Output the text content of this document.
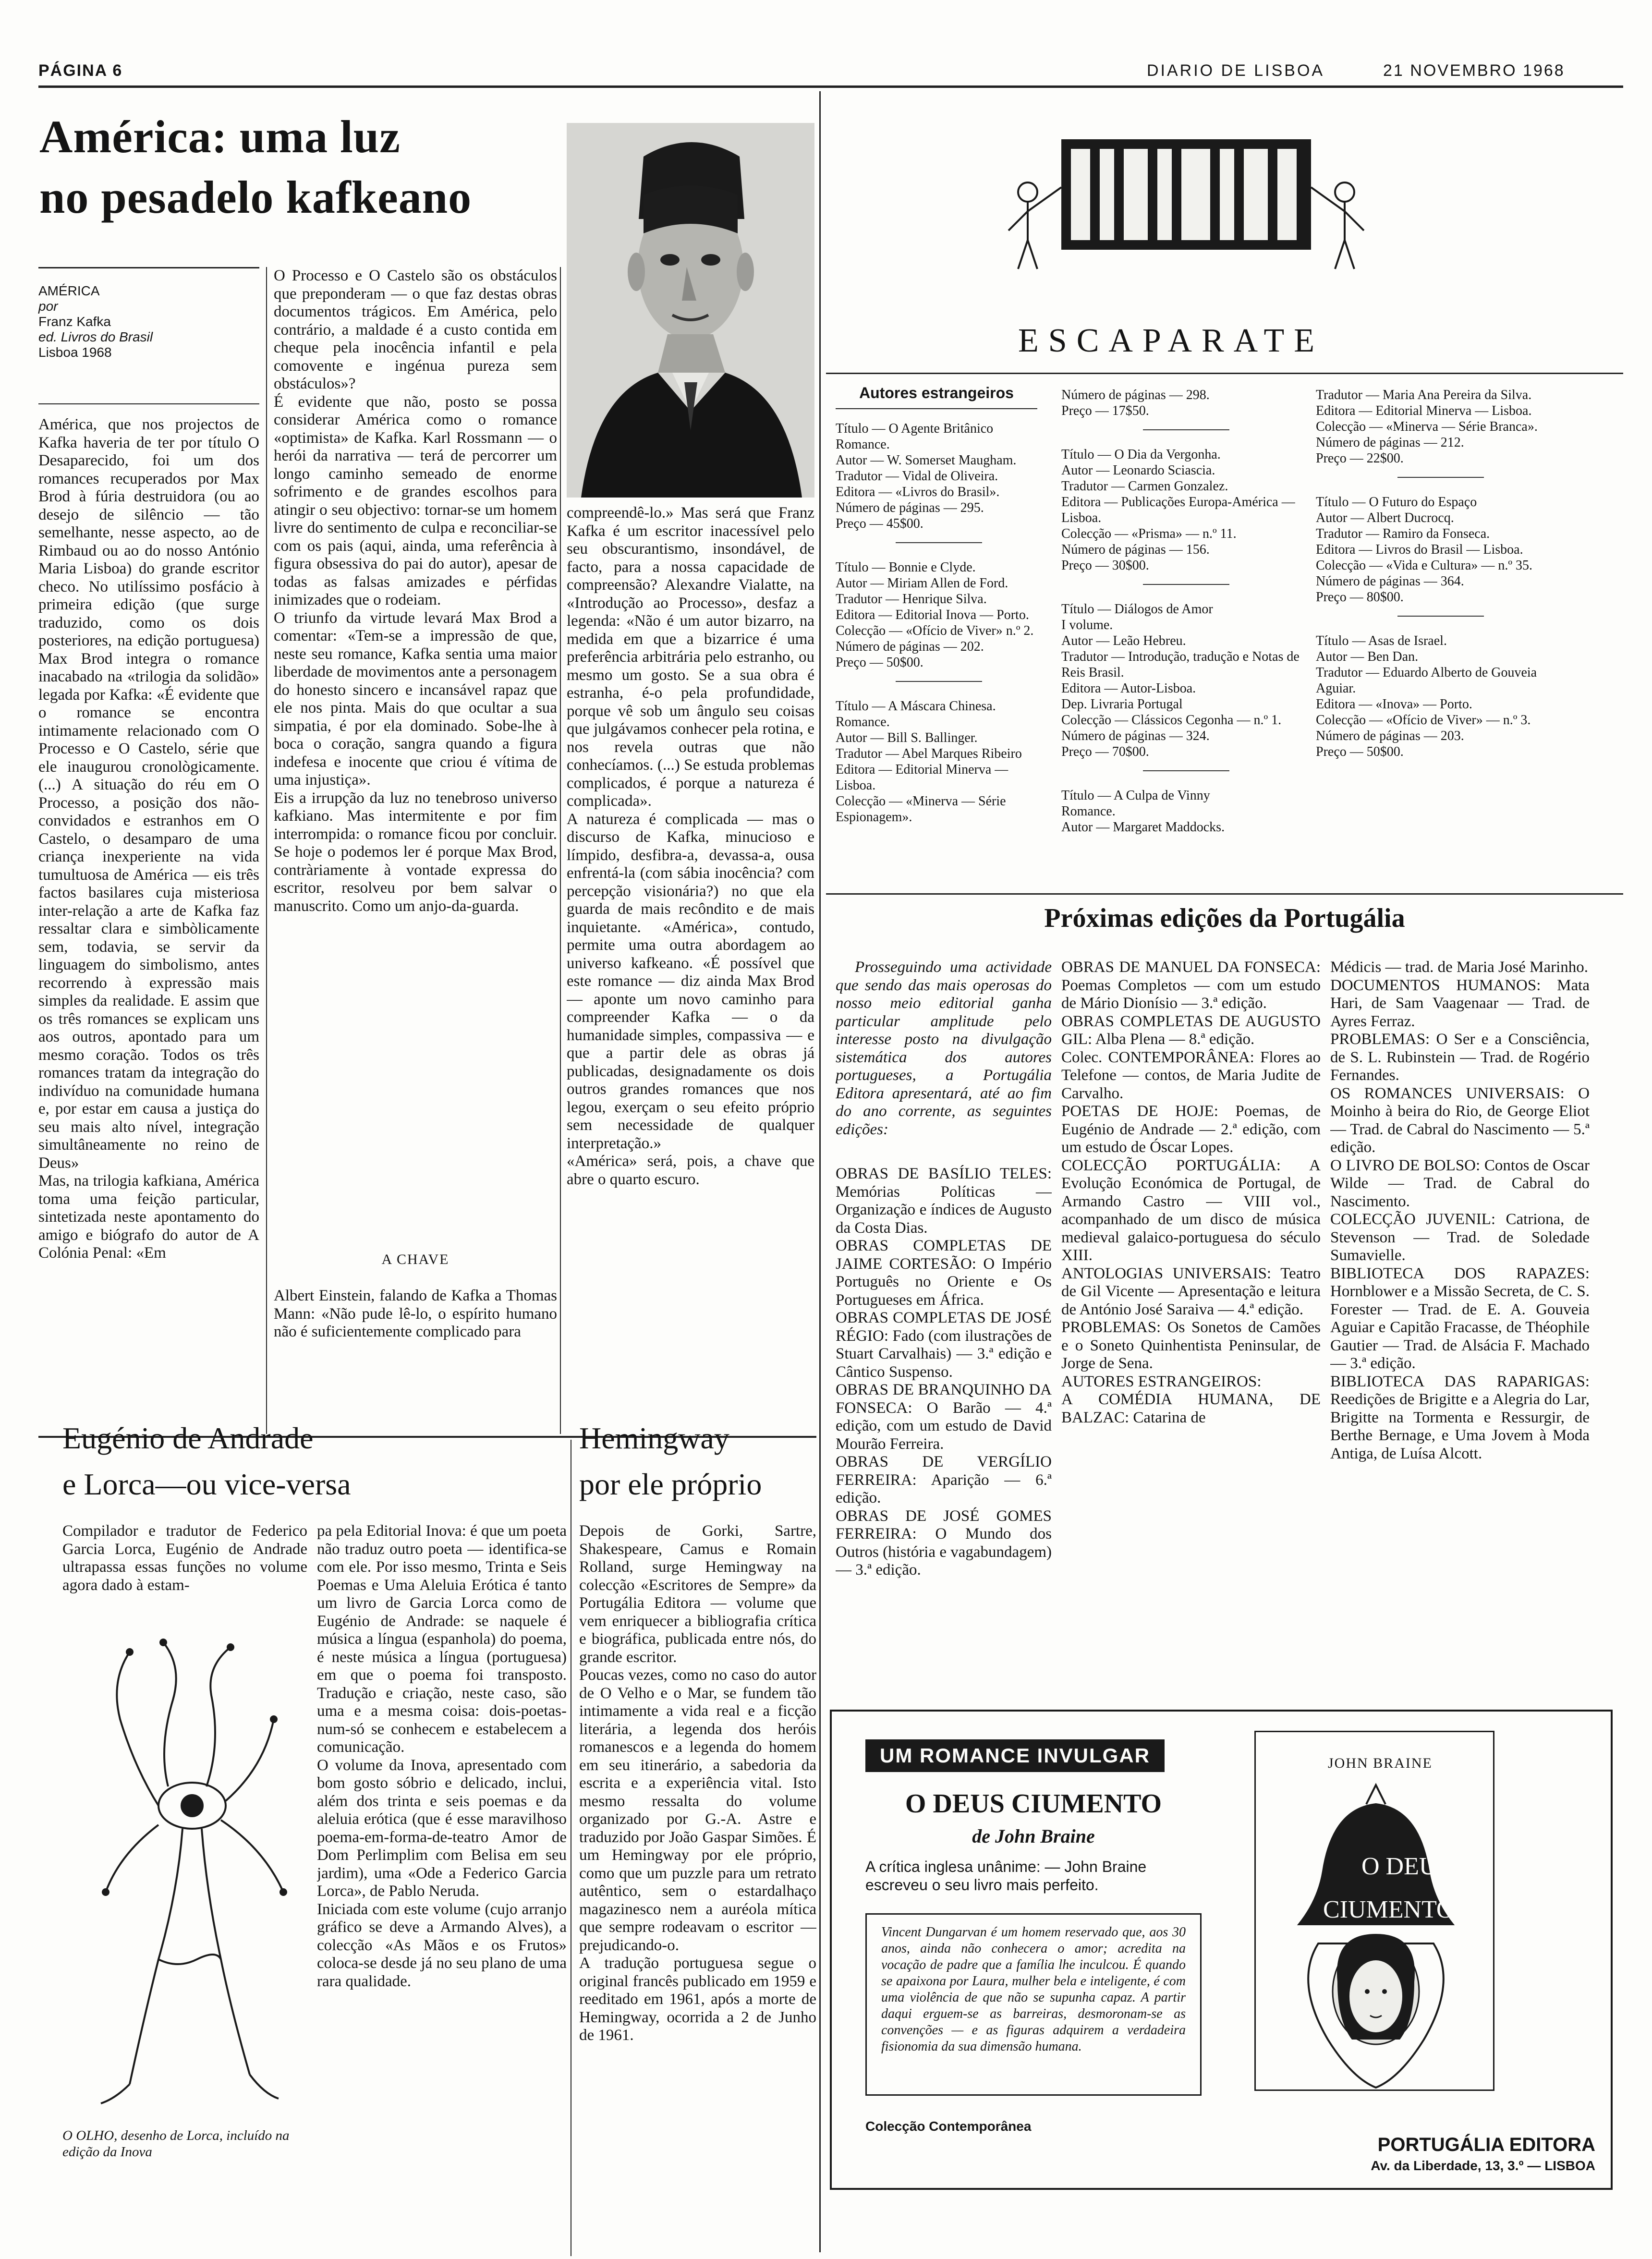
PÁGINA 6	DIARIO DE LISBOA	21 NOVEMBRO 1968
América: uma luz
no pesadelo kafkeano
AMÉRICA
por
Franz Kafka
ed. Livros do Brasil
Lisboa 1968
América, que nos projectos de Kafka haveria de ter por título O Desaparecido, foi um dos romances recuperados por Max Brod à fúria destruidora (ou ao desejo de silêncio — tão semelhante, nesse aspecto, ao de Rimbaud ou ao do nosso António Maria Lisboa) do grande escritor checo. No utilíssimo posfácio à primeira edição (que surge traduzido, como os dois posteriores, na edição portuguesa) Max Brod integra o romance inacabado na «trilogia da solidão» legada por Kafka: «É evidente que o romance se encontra intimamente relacionado com O Processo e O Castelo, série que ele inaugurou cronològicamente. (...) A situação do réu em O Processo, a posição dos não-convidados e estranhos em O Castelo, o desamparo de uma criança inexperiente na vida tumultuosa de América — eis três factos basilares cuja misteriosa inter-relação a arte de Kafka faz ressaltar clara e simbòlicamente sem, todavia, se servir da linguagem do simbolismo, antes recorrendo à expressão mais simples da realidade. E assim que os três romances se explicam uns aos outros, apontado para um mesmo coração. Todos os três romances tratam da integração do indivíduo na comunidade humana e, por estar em causa a justiça do seu mais alto nível, integração simultâneamente no reino de Deus»
Mas, na trilogia kafkiana, América toma uma feição particular, sintetizada neste apontamento do amigo e biógrafo do autor de A Colónia Penal: «Em
O Processo e O Castelo são os obstáculos que preponderam — o que faz destas obras documentos trágicos. Em América, pelo contrário, a maldade é a custo contida em cheque pela inocência infantil e pela comovente e ingénua pureza sem obstáculos»?
É evidente que não, posto se possa considerar América como o romance «optimista» de Kafka. Karl Rossmann — o herói da narrativa — terá de percorrer um longo caminho semeado de enorme sofrimento e de grandes escolhos para atingir o seu objectivo: tornar-se um homem livre do sentimento de culpa e reconciliar-se com os pais (aqui, ainda, uma referência à figura obsessiva do pai do autor), apesar de todas as falsas amizades e pérfidas inimizades que o rodeiam.
O triunfo da virtude levará Max Brod a comentar: «Tem-se a impressão de que, neste seu romance, Kafka sentia uma maior liberdade de movimentos ante a personagem do honesto sincero e incansável rapaz que ele nos pinta. Mais do que ocultar a sua simpatia, é por ela dominado. Sobe-lhe à boca o coração, sangra quando a figura indefesa e inocente que criou é vítima de uma injustiça».
Eis a irrupção da luz no tenebroso universo kafkiano. Mas intermitente e por fim interrompida: o romance ficou por concluir. Se hoje o podemos ler é porque Max Brod, contràriamente à vontade expressa do escritor, resolveu por bem salvar o manuscrito. Como um anjo-da-guarda.
A CHAVE
Albert Einstein, falando de Kafka a Thomas Mann: «Não pude lê-lo, o espírito humano não é suficientemente complicado para
compreendê-lo.» Mas será que Franz Kafka é um escritor inacessível pelo seu obscurantismo, insondável, de facto, para a nossa capacidade de compreensão? Alexandre Vialatte, na «Introdução ao Processo», desfaz a legenda: «Não é um autor bizarro, na medida em que a bizarrice é uma preferência arbitrária pelo estranho, ou mesmo um gosto. Se a sua obra é estranha, é-o pela profundidade, porque vê sob um ângulo seu coisas que julgávamos conhecer pela rotina, e nos revela outras que não conhecíamos. (...) Se estuda problemas complicados, é porque a natureza é complicada».
A natureza é complicada — mas o discurso de Kafka, minucioso e límpido, desfibra-a, devassa-a, ousa enfrentá-la (com sábia inocência? com percepção visionária?) no que ela guarda de mais recôndito e de mais inquietante. «América», contudo, permite uma outra abordagem ao universo kafkeano. «É possível que este romance — diz ainda Max Brod — aponte um novo caminho para compreender Kafka — o da humanidade simples, compassiva — e que a partir dele as obras já publicadas, designadamente os dois outros grandes romances que nos legou, exerçam o seu efeito próprio sem necessidade de qualquer interpretação.»
«América» será, pois, a chave que abre o quarto escuro.
Eugénio de Andrade
e Lorca—ou vice-versa
Compilador e tradutor de Federico Garcia Lorca, Eugénio de Andrade ultrapassa essas funções no volume agora dado à estam-
O OLHO, desenho de Lorca, incluído na edição da Inova
pa pela Editorial Inova: é que um poeta não traduz outro poeta — identifica-se com ele. Por isso mesmo, Trinta e Seis Poemas e Uma Aleluia Erótica é tanto um livro de Garcia Lorca como de Eugénio de Andrade: se naquele é música a língua (espanhola) do poema, é neste música a língua (portuguesa) em que o poema foi transposto. Tradução e criação, neste caso, são uma e a mesma coisa: dois-poetas-num-só se conhecem e estabelecem a comunicação.
O volume da Inova, apresentado com bom gosto sóbrio e delicado, inclui, além dos trinta e seis poemas e da aleluia erótica (que é esse maravilhoso poema-em-forma-de-teatro Amor de Dom Perlimplim com Belisa em seu jardim), uma «Ode a Federico Garcia Lorca», de Pablo Neruda.
Iniciada com este volume (cujo arranjo gráfico se deve a Armando Alves), a colecção «As Mãos e os Frutos» coloca-se desde já no seu plano de uma rara qualidade.
Hemingway
por ele próprio
Depois de Gorki, Sartre, Shakespeare, Camus e Romain Rolland, surge Hemingway na colecção «Escritores de Sempre» da Portugália Editora — volume que vem enriquecer a bibliografia crítica e biográfica, publicada entre nós, do grande escritor.
Poucas vezes, como no caso do autor de O Velho e o Mar, se fundem tão intimamente a vida real e a ficção literária, a legenda dos heróis romanescos e a legenda do homem em seu itinerário, a sabedoria da escrita e a experiência vital. Isto mesmo ressalta do volume organizado por G.-A. Astre e traduzido por João Gaspar Simões. É um Hemingway por ele próprio, como que um puzzle para um retrato autêntico, sem o estardalhaço magazinesco nem a auréola mítica que sempre rodeavam o escritor — prejudicando-o.
A tradução portuguesa segue o original francês publicado em 1959 e reeditado em 1961, após a morte de Hemingway, ocorrida a 2 de Junho de 1961.
ESCAPARATE
Autores estrangeiros
Título — O Agente Britânico
Romance.
Autor — W. Somerset Maugham.
Tradutor — Vidal de Oliveira.
Editora — «Livros do Brasil».
Número de páginas — 295.
Preço — 45$00.
Título — Bonnie e Clyde.
Autor — Miriam Allen de Ford.
Tradutor — Henrique Silva.
Editora — Editorial Inova — Porto.
Colecção — «Ofício de Viver» n.º 2.
Número de páginas — 202.
Preço — 50$00.
Título — A Máscara Chinesa. Romance.
Autor — Bill S. Ballinger.
Tradutor — Abel Marques Ribeiro
Editora — Editorial Minerva — Lisboa.
Colecção — «Minerva — Série Espionagem».
Número de páginas — 298.
Preço — 17$50.
Título — O Dia da Vergonha.
Autor — Leonardo Sciascia.
Tradutor — Carmen Gonzalez.
Editora — Publicações Europa-América — Lisboa.
Colecção — «Prisma» — n.º 11.
Número de páginas — 156.
Preço — 30$00.
Título — Diálogos de Amor
I volume.
Autor — Leão Hebreu.
Tradutor — Introdução, tradução e Notas de Reis Brasil.
Editora — Autor-Lisboa.
Dep. Livraria Portugal
Colecção — Clássicos Cegonha — n.º 1.
Número de páginas — 324.
Preço — 70$00.
Título — A Culpa de Vinny
Romance.
Autor — Margaret Maddocks.
Tradutor — Maria Ana Pereira da Silva.
Editora — Editorial Minerva — Lisboa.
Colecção — «Minerva — Série Branca».
Número de páginas — 212.
Preço — 22$00.
Título — O Futuro do Espaço
Autor — Albert Ducrocq.
Tradutor — Ramiro da Fonseca.
Editora — Livros do Brasil — Lisboa.
Colecção — «Vida e Cultura» — n.º 35.
Número de páginas — 364.
Preço — 80$00.
Título — Asas de Israel.
Autor — Ben Dan.
Tradutor — Eduardo Alberto de Gouveia Aguiar.
Editora — «Inova» — Porto.
Colecção — «Ofício de Viver» — n.º 3.
Número de páginas — 203.
Preço — 50$00.
Próximas edições da Portugália
Prosseguindo uma actividade que sendo das mais operosas do nosso meio editorial ganha particular amplitude pelo interesse posto na divulgação sistemática dos autores portugueses, a Portugália Editora apresentará, até ao fim do ano corrente, as seguintes edições:
OBRAS DE BASÍLIO TELES: Memórias Políticas — Organização e índices de Augusto da Costa Dias.
OBRAS COMPLETAS DE JAIME CORTESÃO: O Império Português no Oriente e Os Portugueses em África.
OBRAS COMPLETAS DE JOSÉ RÉGIO: Fado (com ilustrações de Stuart Carvalhais) — 3.ª edição e Cântico Suspenso.
OBRAS DE BRANQUINHO DA FONSECA: O Barão — 4.ª edição, com um estudo de David Mourão Ferreira.
OBRAS DE VERGÍLIO FERREIRA: Aparição — 6.ª edição.
OBRAS DE JOSÉ GOMES FERREIRA: O Mundo dos Outros (história e vagabundagem) — 3.ª edição.
OBRAS DE MANUEL DA FONSECA: Poemas Completos — com um estudo de Mário Dionísio — 3.ª edição.
OBRAS COMPLETAS DE AUGUSTO GIL: Alba Plena — 8.ª edição.
Colec. CONTEMPORÂNEA: Flores ao Telefone — contos, de Maria Judite de Carvalho.
POETAS DE HOJE: Poemas, de Eugénio de Andrade — 2.ª edição, com um estudo de Óscar Lopes.
COLECÇÃO PORTUGÁLIA: A Evolução Económica de Portugal, de Armando Castro — VIII vol., acompanhado de um disco de música medieval galaico-portuguesa do século XIII.
ANTOLOGIAS UNIVERSAIS: Teatro de Gil Vicente — Apresentação e leitura de António José Saraiva — 4.ª edição.
PROBLEMAS: Os Sonetos de Camões e o Soneto Quinhentista Peninsular, de Jorge de Sena.
AUTORES ESTRANGEIROS:
A COMÉDIA HUMANA, DE BALZAC: Catarina de
Médicis — trad. de Maria José Marinho.
DOCUMENTOS HUMANOS: Mata Hari, de Sam Vaagenaar — Trad. de Ayres Ferraz.
PROBLEMAS: O Ser e a Consciência, de S. L. Rubinstein — Trad. de Rogério Fernandes.
OS ROMANCES UNIVERSAIS: O Moinho à beira do Rio, de George Eliot — Trad. de Cabral do Nascimento — 5.ª edição.
O LIVRO DE BOLSO: Contos de Oscar Wilde — Trad. de Cabral do Nascimento.
COLECÇÃO JUVENIL: Catriona, de Stevenson — Trad. de Soledade Sumavielle.
BIBLIOTECA DOS RAPAZES: Hornblower e a Missão Secreta, de C. S. Forester — Trad. de E. A. Gouveia Aguiar e Capitão Fracasse, de Théophile Gautier — Trad. de Alsácia F. Machado — 3.ª edição.
BIBLIOTECA DAS RAPARIGAS: Reedições de Brigitte e a Alegria do Lar, Brigitte na Tormenta e Ressurgir, de Berthe Bernage, e Uma Jovem à Moda Antiga, de Luísa Alcott.
UM ROMANCE INVULGAR
O DEUS CIUMENTO
de John Braine
A crítica inglesa unânime: — John Braine escreveu o seu livro mais perfeito.
Vincent Dungarvan é um homem reservado que, aos 30 anos, ainda não conhecera o amor; acredita na vocação de padre que a família lhe inculcou. É quando se apaixona por Laura, mulher bela e inteligente, é com uma violência de que não se supunha capaz. A partir daqui erguem-se as barreiras, desmoronam-se as convenções — e as figuras adquirem a verdadeira fisionomia da sua dimensão humana.
Colecção Contemporânea
PORTUGÁLIA EDITORA
Av. da Liberdade, 13, 3.º — LISBOA
JOHN BRAINE
O DEUS
CIUMENTO
